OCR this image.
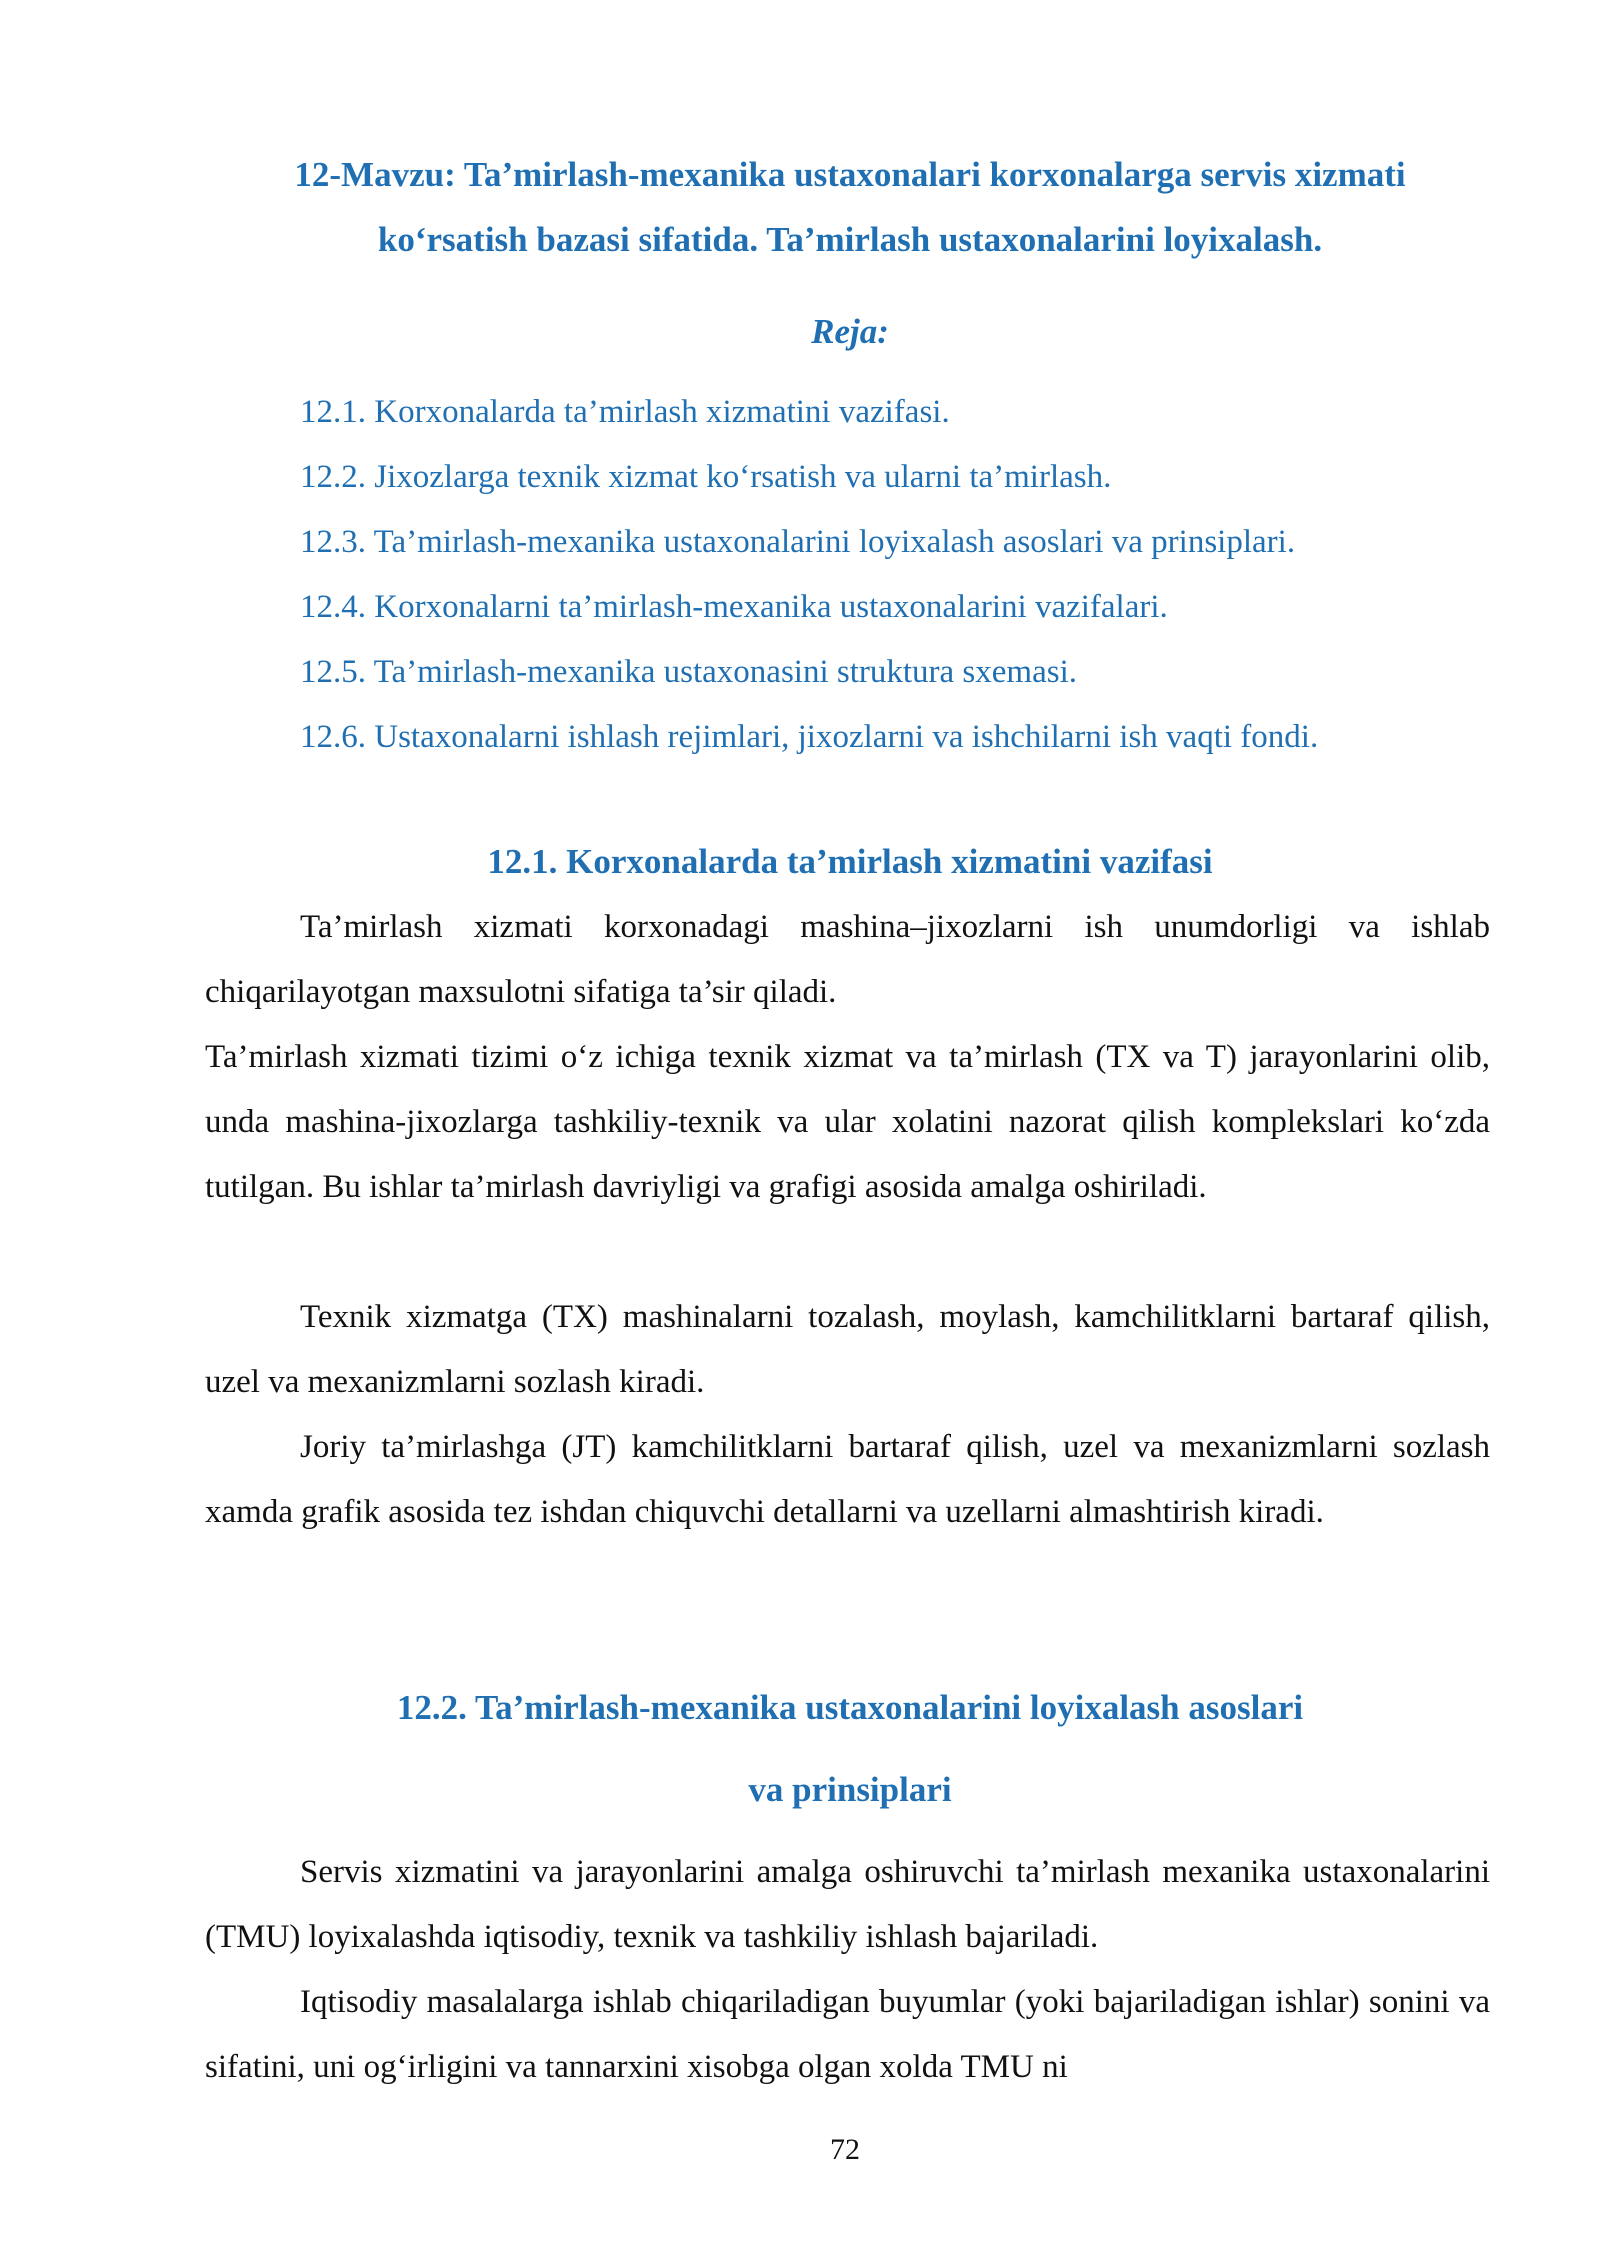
12-Mavzu: Ta’mirlash-mexanika ustaxonalari korxonalarga servis xizmati
ko‘rsatish bazasi sifatida. Ta’mirlash ustaxonalarini loyixalash.
Reja:
12.1. Korxonalarda ta’mirlash xizmatini vazifasi.
12.2. Jixozlarga texnik xizmat ko‘rsatish va ularni ta’mirlash.
12.3. Ta’mirlash-mexanika ustaxonalarini loyixalash asoslari va prinsiplari.
12.4. Korxonalarni ta’mirlash-mexanika ustaxonalarini vazifalari.
12.5. Ta’mirlash-mexanika ustaxonasini struktura sxemasi.
12.6. Ustaxonalarni ishlash rejimlari, jixozlarni va ishchilarni ish vaqti fondi.
12.1. Korxonalarda ta’mirlash xizmatini vazifasi

Ta’mirlash xizmati korxonadagi mashina–jixozlarni ish unumdorligi va ishlab chiqarilayotgan maxsulotni sifatiga ta’sir qiladi.

Ta’mirlash xizmati tizimi o‘z ichiga texnik xizmat va ta’mirlash (TX va T) jarayonlarini olib, unda mashina-jixozlarga tashkiliy-texnik va ular xolatini nazorat qilish komplekslari ko‘zda tutilgan. Bu ishlar ta’mirlash davriyligi va grafigi asosida amalga oshiriladi.

Texnik xizmatga (TX) mashinalarni tozalash, moylash, kamchilitklarni bartaraf qilish, uzel va mexanizmlarni sozlash kiradi.

Joriy ta’mirlashga (JT) kamchilitklarni bartaraf qilish, uzel va mexanizmlarni sozlash xamda grafik asosida tez ishdan chiquvchi detallarni va uzellarni almashtirish kiradi.

12.2. Ta’mirlash-mexanika ustaxonalarini loyixalash asoslari
va prinsiplari

Servis xizmatini va jarayonlarini amalga oshiruvchi ta’mirlash mexanika ustaxonalarini (TMU) loyixalashda iqtisodiy, texnik va tashkiliy ishlash bajariladi.

Iqtisodiy masalalarga ishlab chiqariladigan buyumlar (yoki bajariladigan ishlar) sonini va sifatini, uni og‘irligini va tannarxini xisobga olgan xolda TMU ni

72
